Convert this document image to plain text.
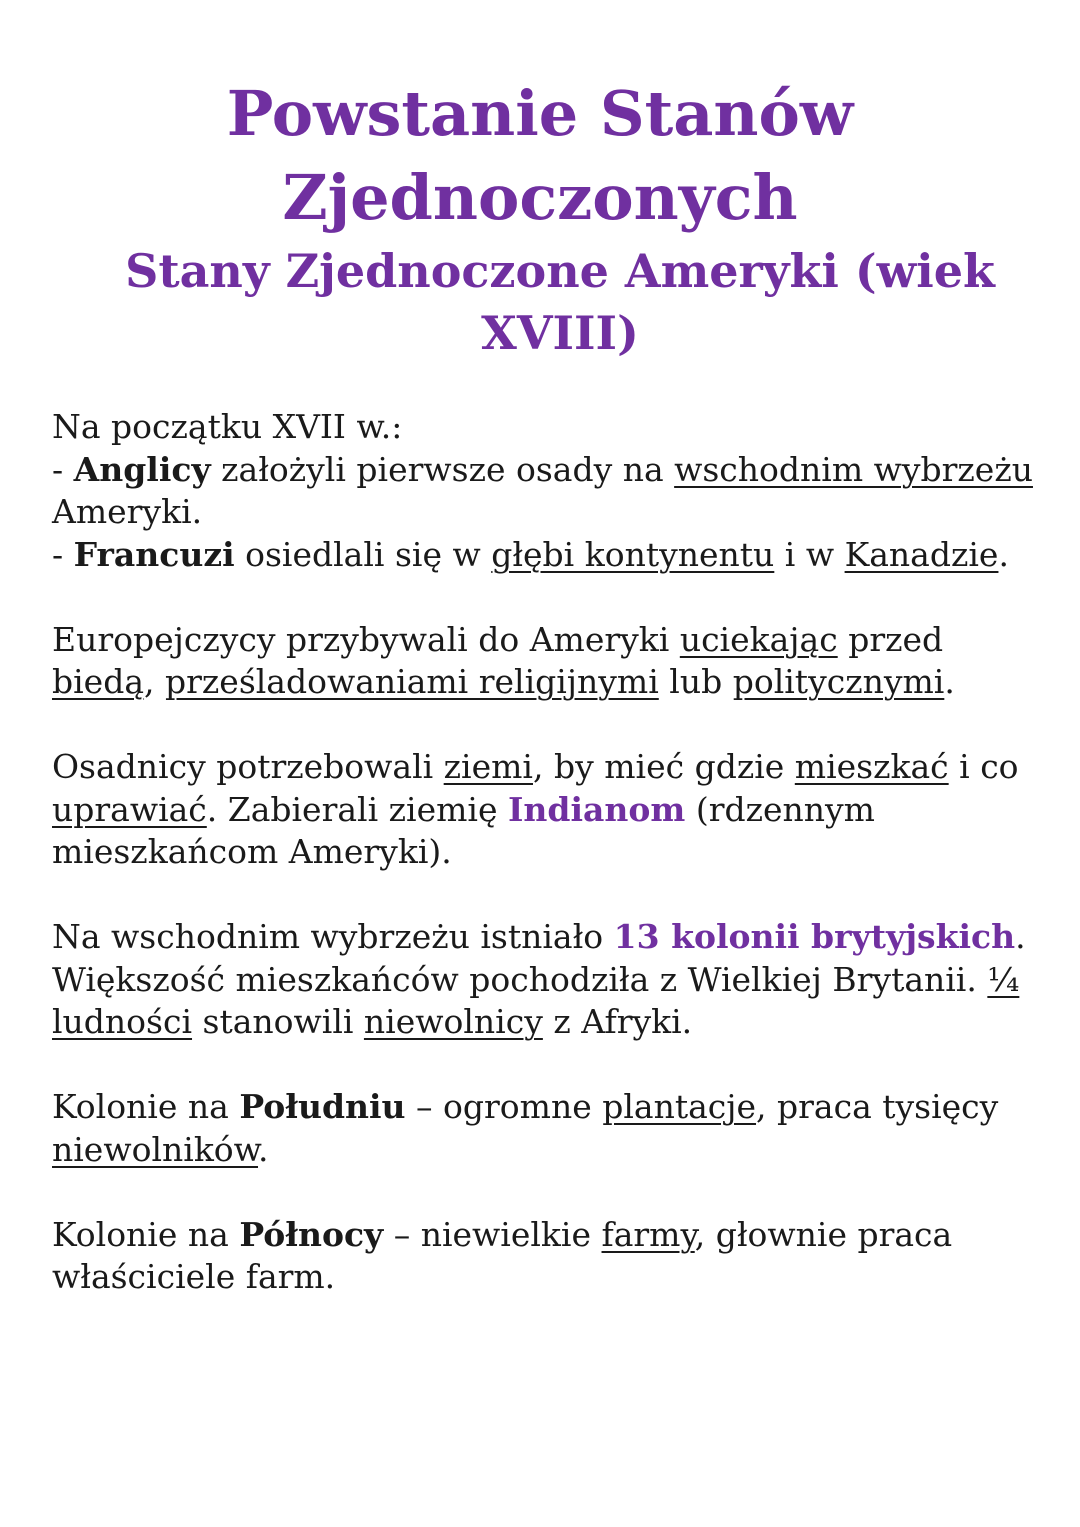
Powstanie Stanów
Zjednoczonych
Stany Zjednoczone Ameryki (wiek
XVIII)

Na początku XVII w.:
- Anglicy założyli pierwsze osady na wschodnim wybrzeżu Ameryki.
- Francuzi osiedlali się w głębi kontynentu i w Kanadzie.

Europejczycy przybywali do Ameryki uciekając przed biedą, prześladowaniami religijnymi lub politycznymi.

Osadnicy potrzebowali ziemi, by mieć gdzie mieszkać i co uprawiać. Zabierali ziemię Indianom (rdzennym mieszkańcom Ameryki).

Na wschodnim wybrzeżu istniało 13 kolonii brytyjskich. Większość mieszkańców pochodziła z Wielkiej Brytanii. ¼ ludności stanowili niewolnicy z Afryki.

Kolonie na Południu – ogromne plantacje, praca tysięcy niewolników.

Kolonie na Północy – niewielkie farmy, głownie praca właściciele farm.
